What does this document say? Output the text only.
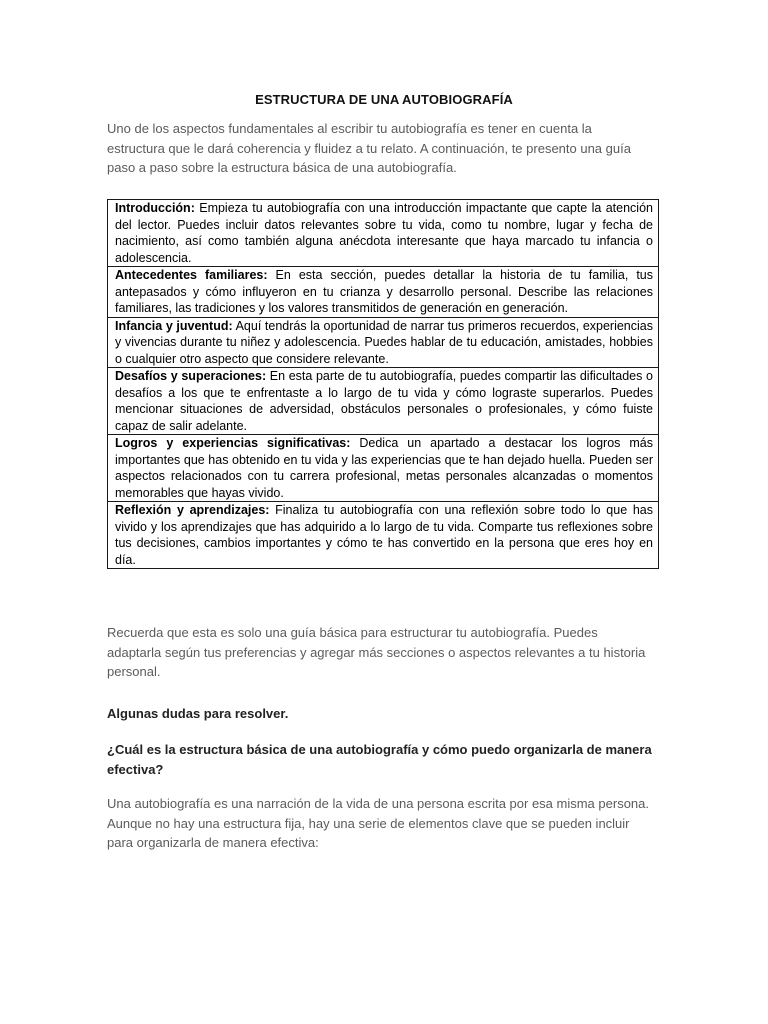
ESTRUCTURA DE UNA AUTOBIOGRAFÍA
Uno de los aspectos fundamentales al escribir tu autobiografía es tener en cuenta la estructura que le dará coherencia y fluidez a tu relato. A continuación, te presento una guía paso a paso sobre la estructura básica de una autobiografía.
Introducción: Empieza tu autobiografía con una introducción impactante que capte la atención del lector. Puedes incluir datos relevantes sobre tu vida, como tu nombre, lugar y fecha de nacimiento, así como también alguna anécdota interesante que haya marcado tu infancia o adolescencia.
Antecedentes familiares: En esta sección, puedes detallar la historia de tu familia, tus antepasados y cómo influyeron en tu crianza y desarrollo personal. Describe las relaciones familiares, las tradiciones y los valores transmitidos de generación en generación.
Infancia y juventud: Aquí tendrás la oportunidad de narrar tus primeros recuerdos, experiencias y vivencias durante tu niñez y adolescencia. Puedes hablar de tu educación, amistades, hobbies o cualquier otro aspecto que considere relevante.
Desafíos y superaciones: En esta parte de tu autobiografía, puedes compartir las dificultades o desafíos a los que te enfrentaste a lo largo de tu vida y cómo lograste superarlos. Puedes mencionar situaciones de adversidad, obstáculos personales o profesionales, y cómo fuiste capaz de salir adelante.
Logros y experiencias significativas: Dedica un apartado a destacar los logros más importantes que has obtenido en tu vida y las experiencias que te han dejado huella. Pueden ser aspectos relacionados con tu carrera profesional, metas personales alcanzadas o momentos memorables que hayas vivido.
Reflexión y aprendizajes: Finaliza tu autobiografía con una reflexión sobre todo lo que has vivido y los aprendizajes que has adquirido a lo largo de tu vida. Comparte tus reflexiones sobre tus decisiones, cambios importantes y cómo te has convertido en la persona que eres hoy en día.
Recuerda que esta es solo una guía básica para estructurar tu autobiografía. Puedes adaptarla según tus preferencias y agregar más secciones o aspectos relevantes a tu historia personal.
Algunas dudas para resolver.
¿Cuál es la estructura básica de una autobiografía y cómo puedo organizarla de manera efectiva?
Una autobiografía es una narración de la vida de una persona escrita por esa misma persona. Aunque no hay una estructura fija, hay una serie de elementos clave que se pueden incluir para organizarla de manera efectiva:
